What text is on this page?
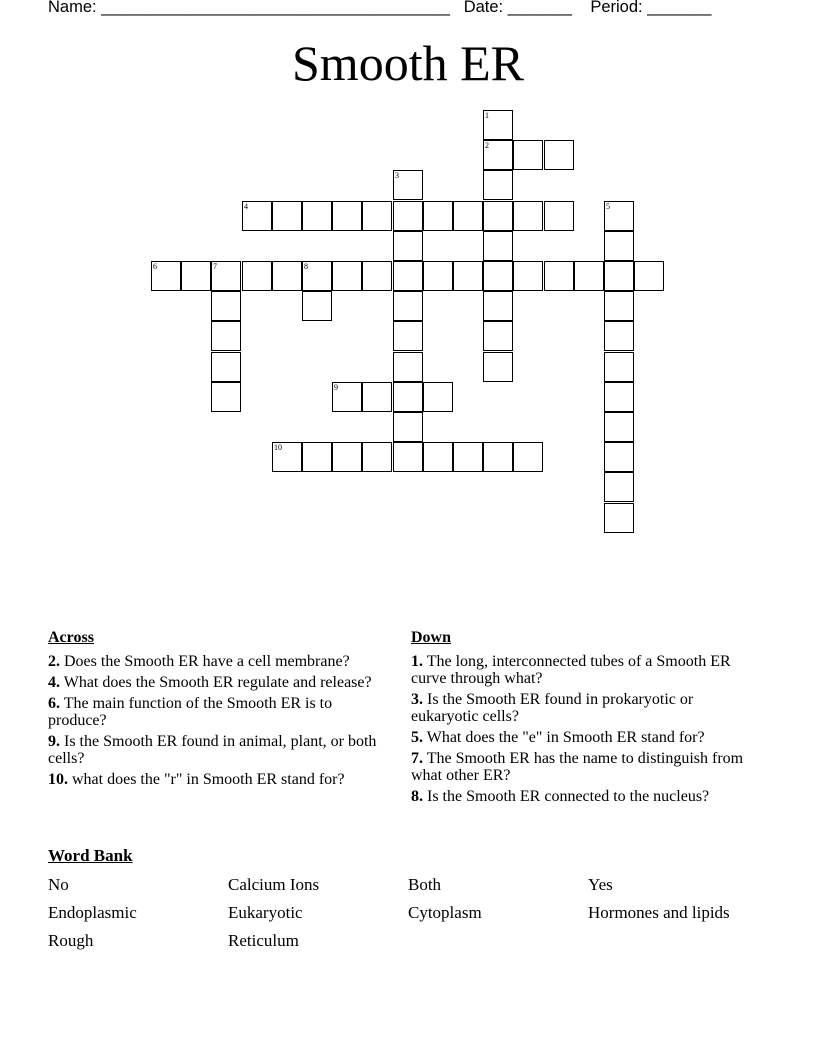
Name: ______________________________________ Date: _______ Period: _______
Smooth ER
1
2
3
4	5
6	7	8
9
10
Across
2. Does the Smooth ER have a cell membrane?
4. What does the Smooth ER regulate and release?
6. The main function of the Smooth ER is to produce?
9. Is the Smooth ER found in animal, plant, or both cells?
10. what does the "r" in Smooth ER stand for?
Down
1. The long, interconnected tubes of a Smooth ER curve through what?
3. Is the Smooth ER found in prokaryotic or eukaryotic cells?
5. What does the "e" in Smooth ER stand for?
7. The Smooth ER has the name to distinguish from what other ER?
8. Is the Smooth ER connected to the nucleus?
Word Bank
No	Calcium Ions	Both	Yes
Endoplasmic	Eukaryotic	Cytoplasm	Hormones and lipids
Rough	Reticulum
